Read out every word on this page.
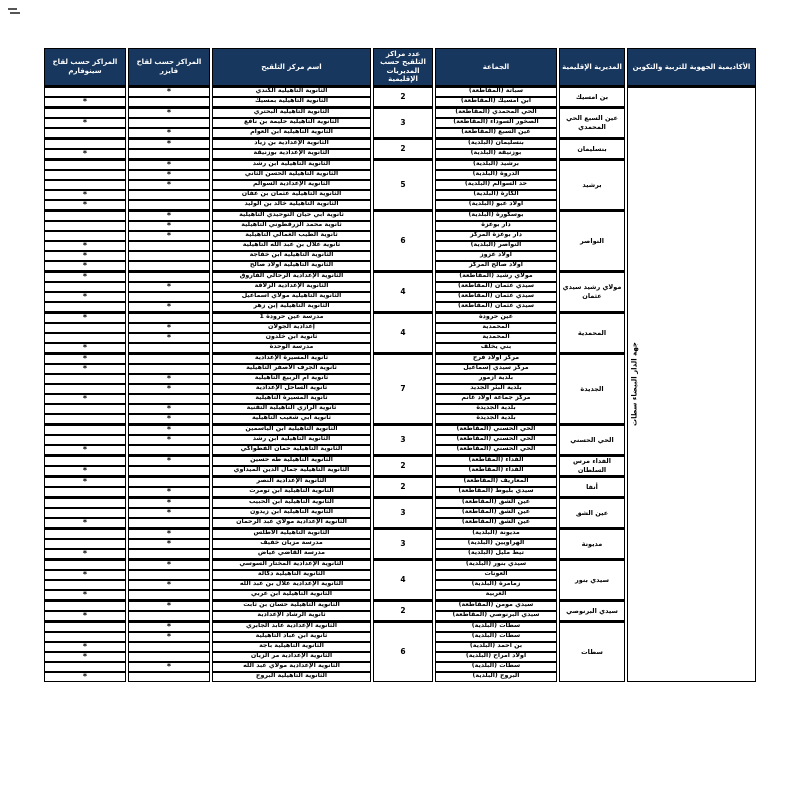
الأكاديمية الجهوية للتربية والتكوين	المديرية الإقليمية	الجماعة	عدد مراكز التلقيح حسب المديريات الإقليمية	اسم مركز التلقيح	المراكز حسب لقاح فايزر	المراكز حسب لقاح سينوفارم

جهة الدار البيضاء سطات	بن امسيك	سباتة (المقاطعة)	2	الثانوية التأهيلية الكندي	*	
		ابن امسيك (المقاطعة)		الثانوية التأهيلية بمسيك		*
	عين السبع الحي المحمدي	الحي المحمدي (المقاطعة)	3	الثانوية التأهيلية البحتري	*	
		الصخور السوداء (المقاطعة)		الثانوية التأهيلية حليمة بن نافع		*
		عين السبع (المقاطعة)		الثانوية التأهيلية ابن العوام	*	
	بنسليمان	بنسليمان (البلدية)	2	الثانوية الإعدادية بن زياد	*	
		بوزنيقة (البلدية)		الثانوية الإعدادية بوزنيقة		*
	برشيد	برشيد (البلدية)	5	الثانوية التأهيلية ابن رشد	*	
		الدروة (البلدية)		الثانوية التأهيلية الحسن الثاني	*	
		حد السوالم (البلدية)		الثانوية الإعدادية السوالم	*	
		الكارة (البلدية)		الثانوية التأهيلية عثمان بن عفان		*
		اولاد عبو (البلدية)		الثانوية التأهيلية خالد بن الوليد		*
	النواصر	بوسكورة (البلدية)	6	ثانوية ابي حيان التوحيدي التأهيلية	*	
		دار بوعزة		ثانوية محمد الزرقطوني التأهيلية	*	
		دار بوعزة المركز		ثانوية الطيب الغمالي التأهيلية	*	
		النواصر (البلدية)		ثانوية علال بن عبد الله التأهيلية		*
		اولاد عزوز		الثانوية التأهيلية ابن خفاجة		*
		اولاد صالح المركز		الثانوية التأهيلية اولاد صالح		*
	مولاي رشيد سيدي عثمان	مولاي رشيد (المقاطعة)	4	الثانوية الإعدادية الرحالي الفاروق		*
		سيدي عثمان (المقاطعة)		الثانوية الإعدادية الزلاقة	*	
		سيدي عثمان (المقاطعة)		الثانوية التأهيلية مولاي اسماعيل		*
		سيدي عثمان (المقاطعة)		الثانوية التأهيلية إبن زهر	*	
	المحمدية	عين حرودة	4	مدرسة عين حرودة 1		*
		المحمدية		إعدادية الجولان	*	
		المحمدية		ثانوية ابن خلدون	*	
		بني يخلف		مدرسة الوحدة		*
	الجديدة	مركز اولاد فرج	7	ثانوية المسيرة الإعدادية		*
		مركز سيدي إسماعيل		ثانوية الجرف الأصفر التأهيلية		*
		بلدية أزمور		ثانوية ام الربيع التأهيلية	*	
		بلدية البئر الجديد		ثانوية الساحل الإعدادية	*	
		مركز جماعة اولاد غانم		ثانوية المسيرة التأهيلية		*
		بلدية الجديدة		ثانوية الرازي التأهيلية التقنية	*	
		بلدية الجديدة		ثانوية ابي شعيب التأهيلية	*	
	الحي الحسني	الحي الحسني (المقاطعة)	3	الثانوية التأهيلية ابن الياسمين	*	
		الحي الحسني (المقاطعة)		الثانوية التأهيلية ابن رشد	*	
		الحي الحسني (المقاطعة)		الثانوية التأهيلية حمان الفطواكي		*
	الفداء مرس السلطان	الفداء (المقاطعة)	2	الثانوية التأهيلية طه حسين	*	
		الفداء (المقاطعة)		الثانوية التأهيلية جمال الدين الميداوي		*
	أنفا	المعاريف (المقاطعة)	2	الثانوية الإعدادية النصر		*
		سيدي بليوط (المقاطعة)		الثانوية التأهيلية ابن تومرت	*	
	عين الشق	عين الشق (المقاطعة)	3	الثانوية التأهيلية ابن الحبيب	*	
		عين الشق (المقاطعة)		الثانوية التأهيلية ابن زيدون	*	
		عين الشق (المقاطعة)		الثانوية الإعدادية مولاي عبد الرحمان		*
	مديونة	مديونة (البلدية)	3	الثانوية التأهيلية الأطلس	*	
		الهراويين (البلدية)		مدرسة مزيان خفيف	*	
		تيط مليل (البلدية)		مدرسة القاضي عياض		*
	سيدي بنور	سيدي بنور (البلدية)	4	الثانوية الإعدادية المختار السوسي	*	
		العونات		الثانوية التأهيلية دكالة		*
		زمامرة (البلدية)		الثانوية الإعدادية علال بن عبد الله	*	
		الغربية		الثانوية التأهيلية ابن عربي		*
	سيدي البرنوصي	سيدي مومن (المقاطعة)	2	الثانوية التأهيلية حسان بن ثابت	*	
		سيدي البرنوصي (المقاطعة)		ثانوية الرشاد الإعدادية		*
	سطات	سطات (البلدية)	6	الثانوية الإعدادية عابد الجابري	*	
		سطات (البلدية)		ثانوية ابن عباد التأهيلية	*	
		بن أحمد (البلدية)		الثانوية التأهيلية باجة		*
		اولاد امراح (البلدية)		الثانوية الإعدادية مر الزيان		*
		سطات (البلدية)		الثانوية الإعدادية مولاي عبد الله	*	
		البروج (البلدية)		الثانوية التأهيلية البروج		*
